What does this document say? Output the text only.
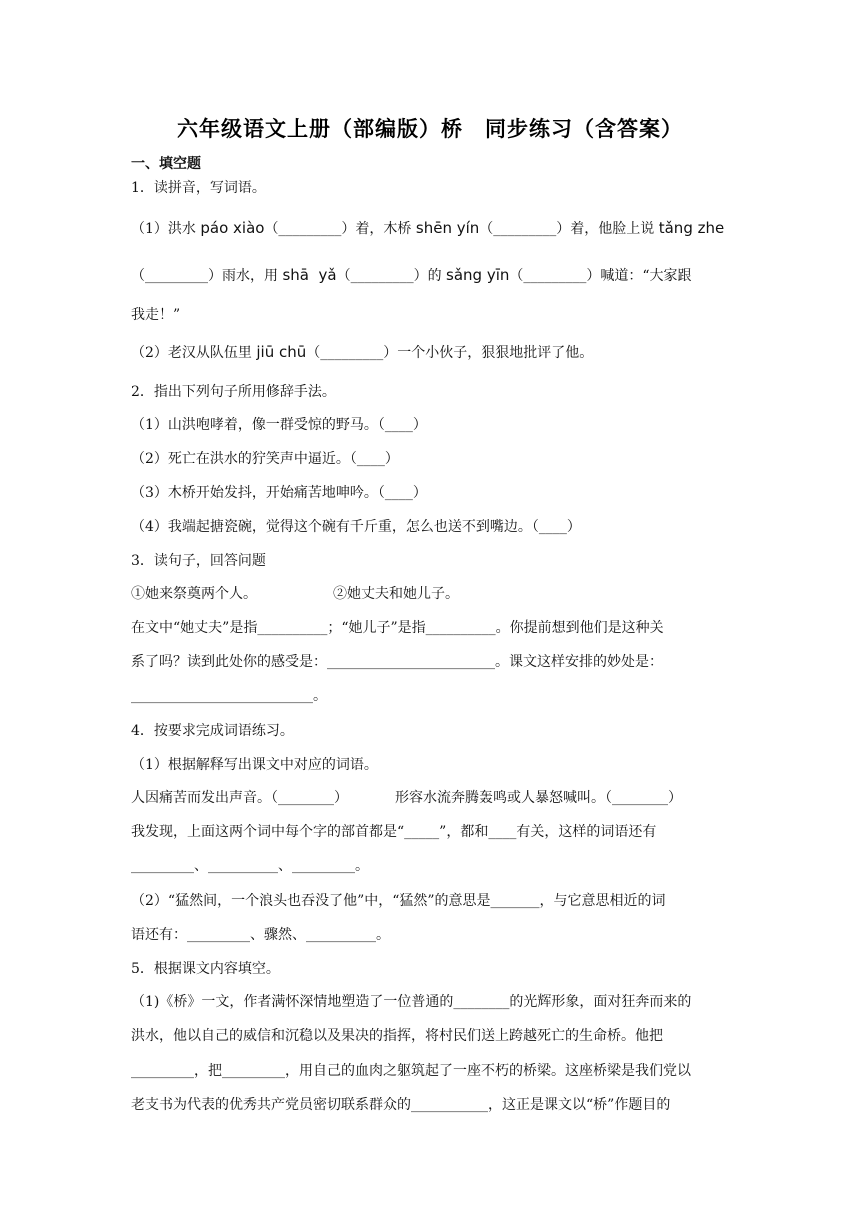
六年级语文上册（部编版）桥　同步练习（含答案）
一、填空题
1．读拼音，写词语。
（1）洪水 páo xiào（_________）着，木桥 shēn yín（_________）着，他脸上说 tǎng zhe
（_________）雨水，用 shā  yǎ（_________）的 sǎng yīn（_________）喊道：“大家跟
我走！”
（2）老汉从队伍里 jiū chū（_________）一个小伙子，狠狠地批评了他。
2．指出下列句子所用修辞手法。
（1）山洪咆哮着，像一群受惊的野马。（____）
（2）死亡在洪水的狞笑声中逼近。（____）
（3）木桥开始发抖，开始痛苦地呻吟。（____）
（4）我端起搪瓷碗，觉得这个碗有千斤重，怎么也送不到嘴边。（____）
3．读句子，回答问题
①她来祭奠两个人。	②她丈夫和她儿子。
在文中“她丈夫”是指__________；“她儿子”是指__________。你提前想到他们是这种关
系了吗？读到此处你的感受是：________________________。课文这样安排的妙处是：
__________________________。
4．按要求完成词语练习。
（1）根据解释写出课文中对应的词语。
人因痛苦而发出声音。（________）	形容水流奔腾轰鸣或人暴怒喊叫。（________）
我发现，上面这两个词中每个字的部首都是“_____”，都和____有关，这样的词语还有
_________、__________、_________。
（2）“猛然间，一个浪头也吞没了他”中，“猛然”的意思是_______，与它意思相近的词
语还有：_________、骤然、__________。
5．根据课文内容填空。
（1)《桥》一文，作者满怀深情地塑造了一位普通的________的光辉形象，面对狂奔而来的
洪水，他以自己的威信和沉稳以及果决的指挥，将村民们送上跨越死亡的生命桥。他把
_________，把_________，用自己的血肉之躯筑起了一座不朽的桥梁。这座桥梁是我们党以
老支书为代表的优秀共产党员密切联系群众的___________，这正是课文以“桥”作题目的
